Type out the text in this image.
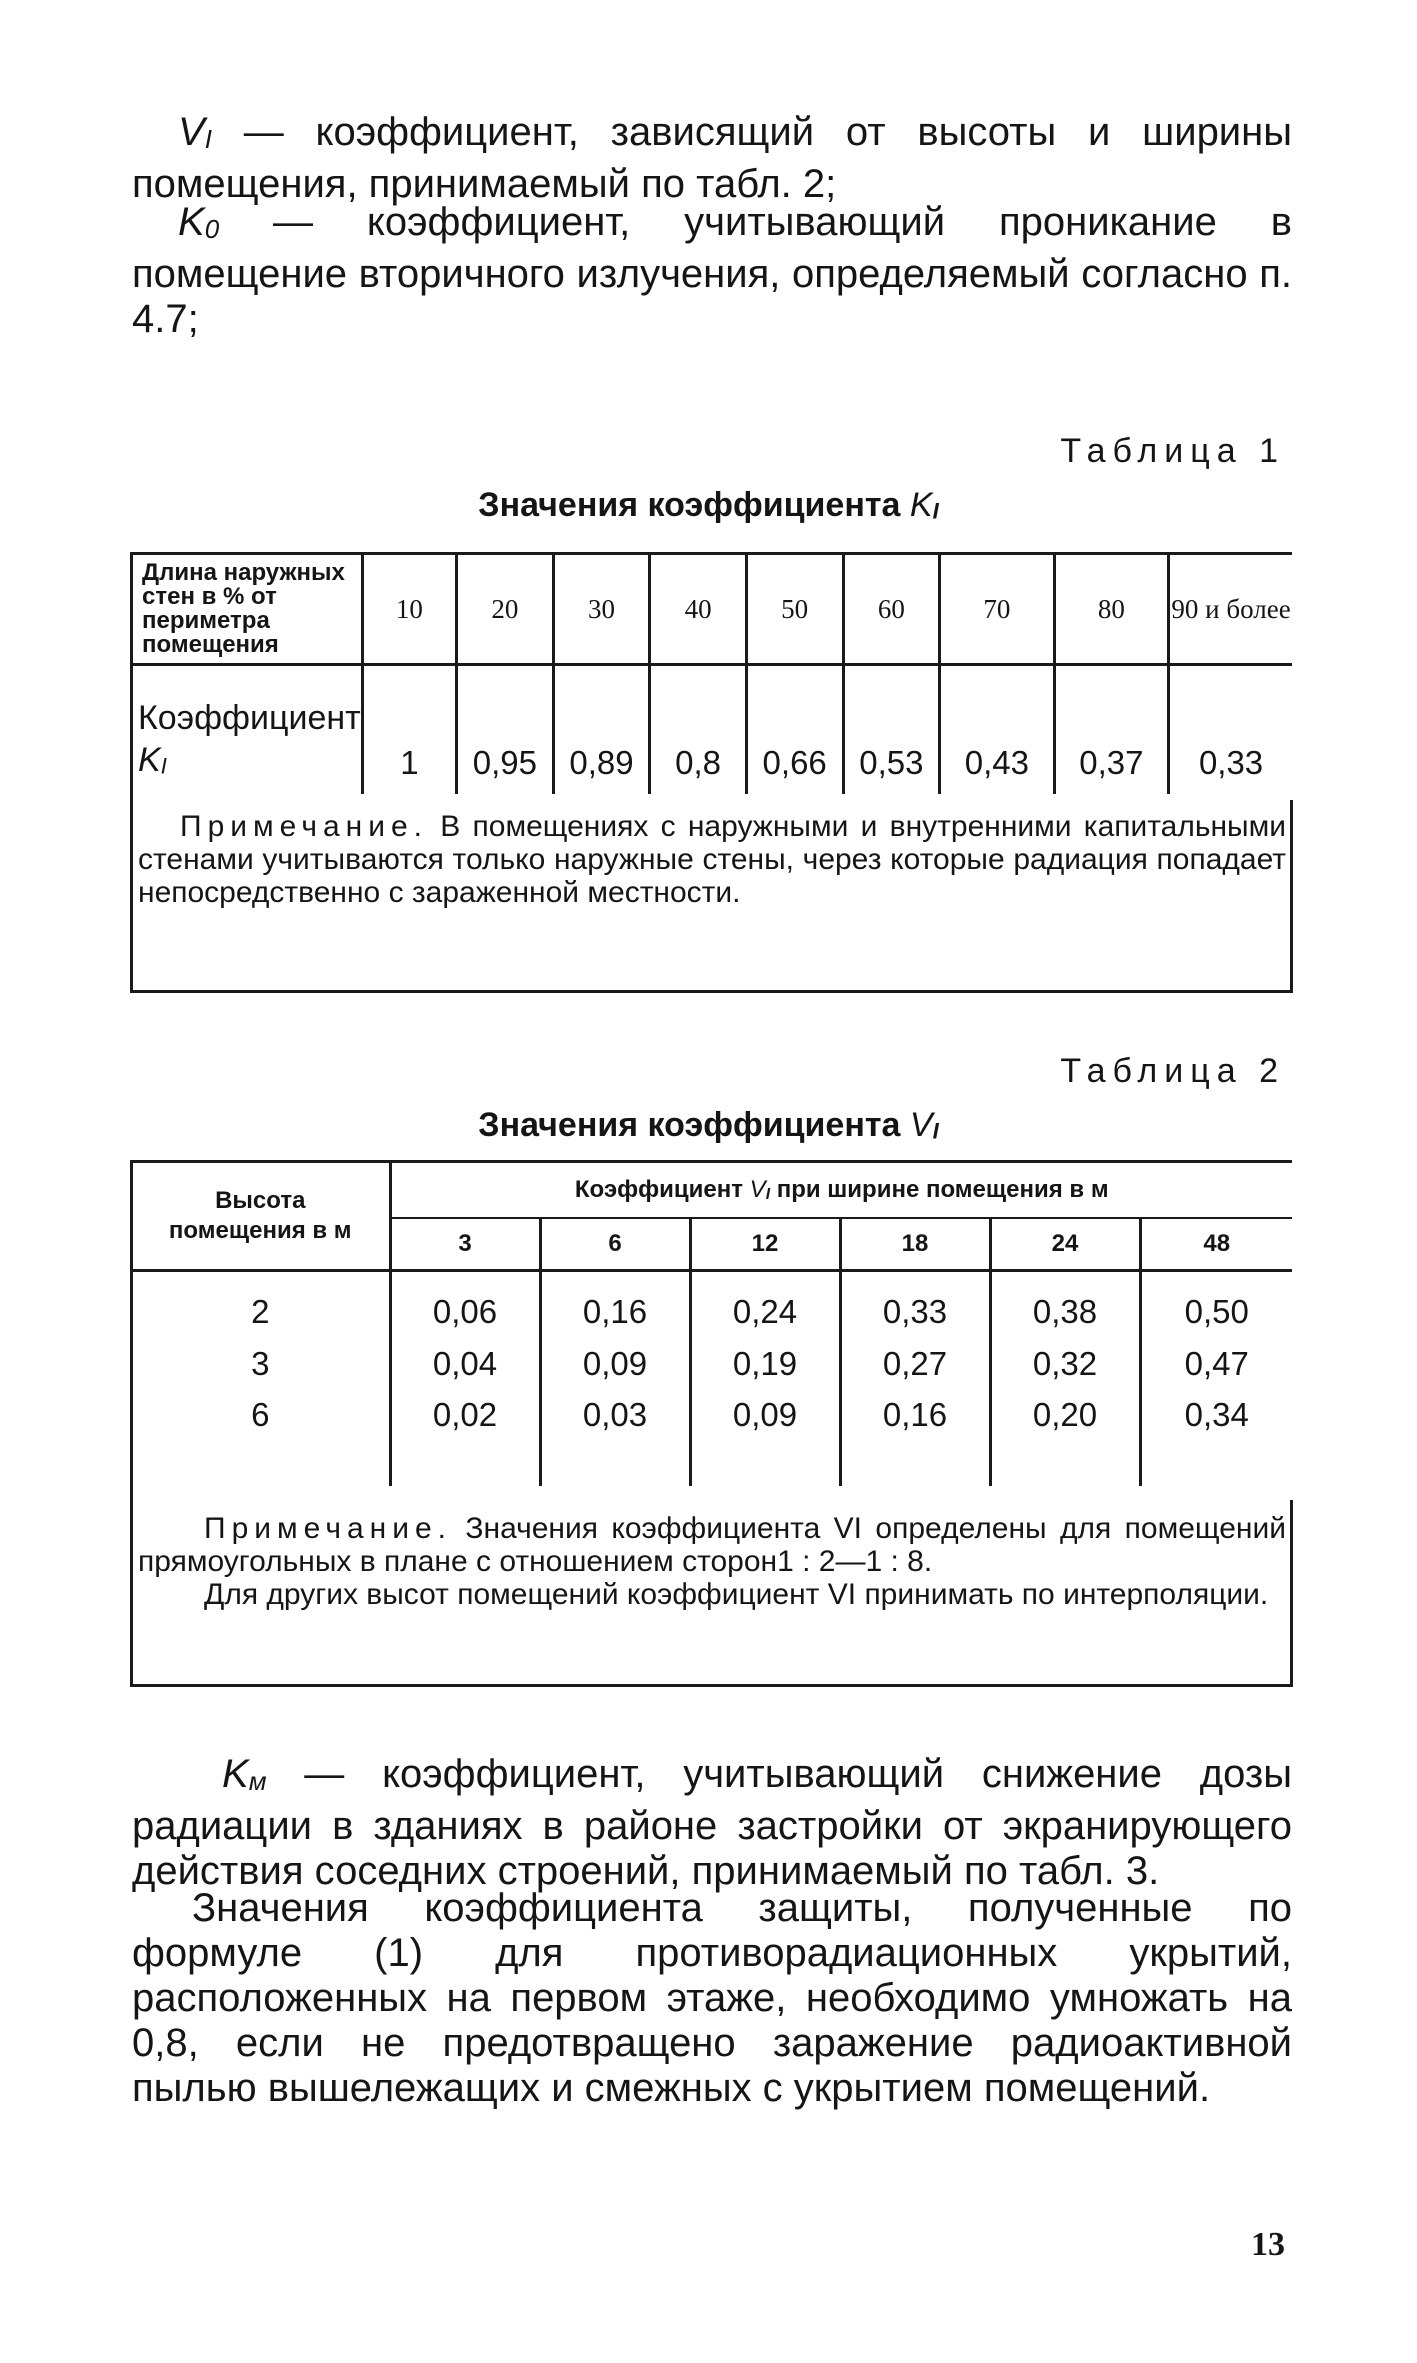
VI — коэффициент, зависящий от высоты и ширины помещения, принимаемый по табл. 2;
K0 — коэффициент, учитывающий проникание в помещение вторичного излучения, определяемый согласно п. 4.7;
Таблица 1
Значения коэффициента KI
Длина наружных стен в % от периметра помещения	10	20	30	40	50	60	70	80	90 и более
Коэффициент KI	1	0,95	0,89	0,8	0,66	0,53	0,43	0,37	0,33
Примечание. В помещениях с наружными и внутренними капитальными стенами учитываются только наружные стены, через которые радиация попадает непосредственно с зараженной местности.
Таблица 2
Значения коэффициента VI
Высота помещения в м	Коэффициент VI при ширине помещения в м					
	3	6	12	18	24	48
2	0,06	0,16	0,24	0,33	0,38	0,50
3	0,04	0,09	0,19	0,27	0,32	0,47
6	0,02	0,03	0,09	0,16	0,20	0,34
Примечание. Значения коэффициента VI определены для помещений прямоугольных в плане с отношением сторон1 : 2—1 : 8.
Для других высот помещений коэффициент VI принимать по интерполяции.
Kм — коэффициент, учитывающий снижение дозы радиации в зданиях в районе застройки от экранирующего действия соседних строений, принимаемый по табл. 3.
Значения коэффициента защиты, полученные по формуле (1) для противорадиационных укрытий, расположенных на первом этаже, необходимо умножать на 0,8, если не предотвращено заражение радиоактивной пылью вышележащих и смежных с укрытием помещений.
13
